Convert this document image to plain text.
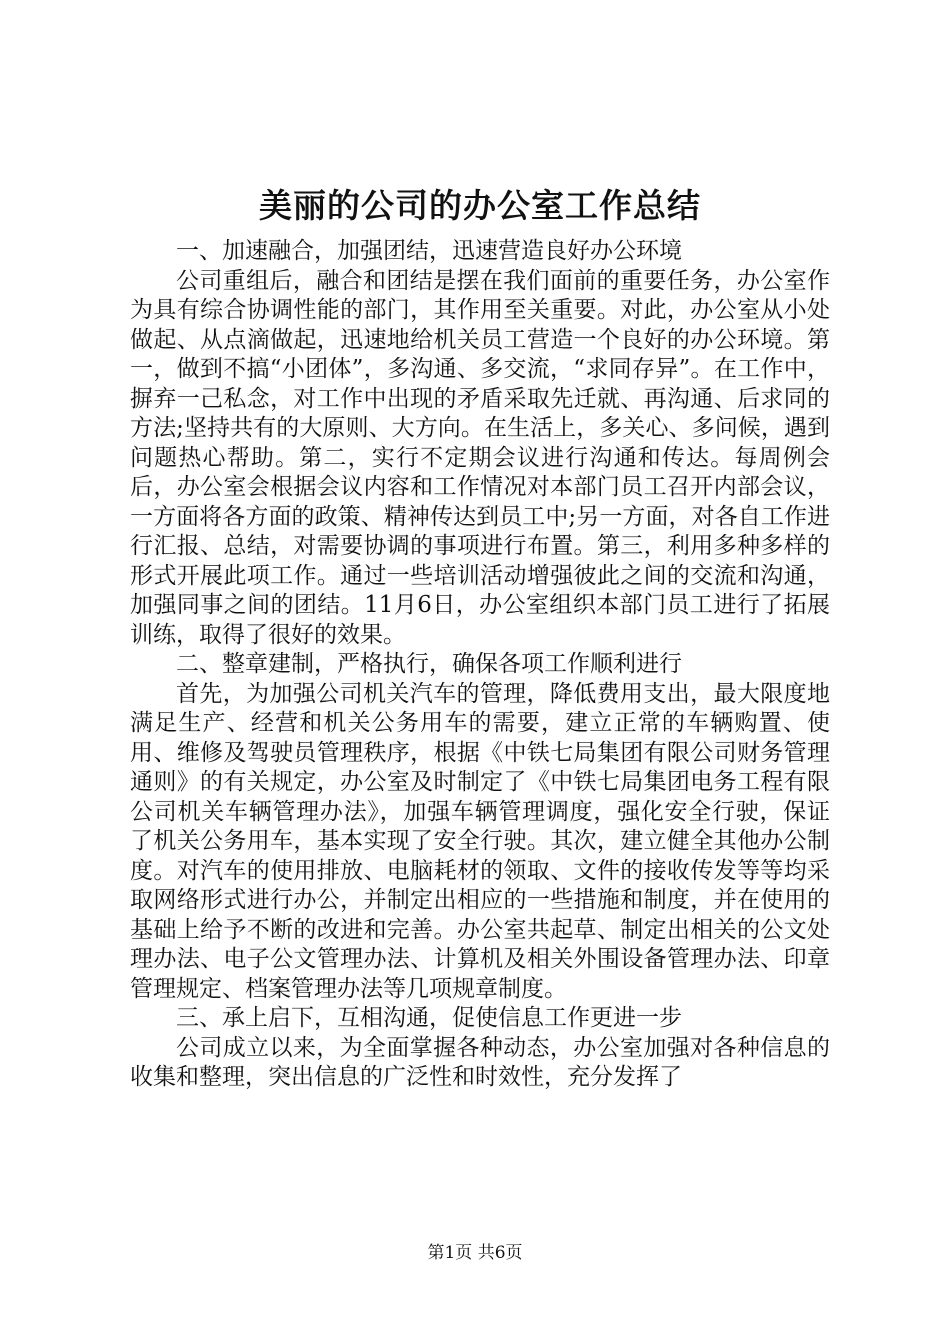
美丽的公司的办公室工作总结

一、加速融合，加强团结，迅速营造良好办公环境

公司重组后，融合和团结是摆在我们面前的重要任务，办公室作为具有综合协调性能的部门，其作用至关重要。对此，办公室从小处做起、从点滴做起，迅速地给机关员工营造一个良好的办公环境。第一，做到不搞“小团体”，多沟通、多交流，“求同存异”。在工作中，摒弃一己私念，对工作中出现的矛盾采取先迁就、再沟通、后求同的方法;坚持共有的大原则、大方向。在生活上，多关心、多问候，遇到问题热心帮助。第二，实行不定期会议进行沟通和传达。每周例会后，办公室会根据会议内容和工作情况对本部门员工召开内部会议，一方面将各方面的政策、精神传达到员工中;另一方面，对各自工作进行汇报、总结，对需要协调的事项进行布置。第三，利用多种多样的形式开展此项工作。通过一些培训活动增强彼此之间的交流和沟通，加强同事之间的团结。11月6日，办公室组织本部门员工进行了拓展训练，取得了很好的效果。

二、整章建制，严格执行，确保各项工作顺利进行

首先，为加强公司机关汽车的管理，降低费用支出，最大限度地满足生产、经营和机关公务用车的需要，建立正常的车辆购置、使用、维修及驾驶员管理秩序，根据《中铁七局集团有限公司财务管理通则》的有关规定，办公室及时制定了《中铁七局集团电务工程有限公司机关车辆管理办法》，加强车辆管理调度，强化安全行驶，保证了机关公务用车，基本实现了安全行驶。其次，建立健全其他办公制度。对汽车的使用排放、电脑耗材的领取、文件的接收传发等等均采取网络形式进行办公，并制定出相应的一些措施和制度，并在使用的基础上给予不断的改进和完善。办公室共起草、制定出相关的公文处理办法、电子公文管理办法、计算机及相关外围设备管理办法、印章管理规定、档案管理办法等几项规章制度。

三、承上启下，互相沟通，促使信息工作更进一步

公司成立以来，为全面掌握各种动态，办公室加强对各种信息的收集和整理，突出信息的广泛性和时效性，充分发挥了

第1页 共6页
